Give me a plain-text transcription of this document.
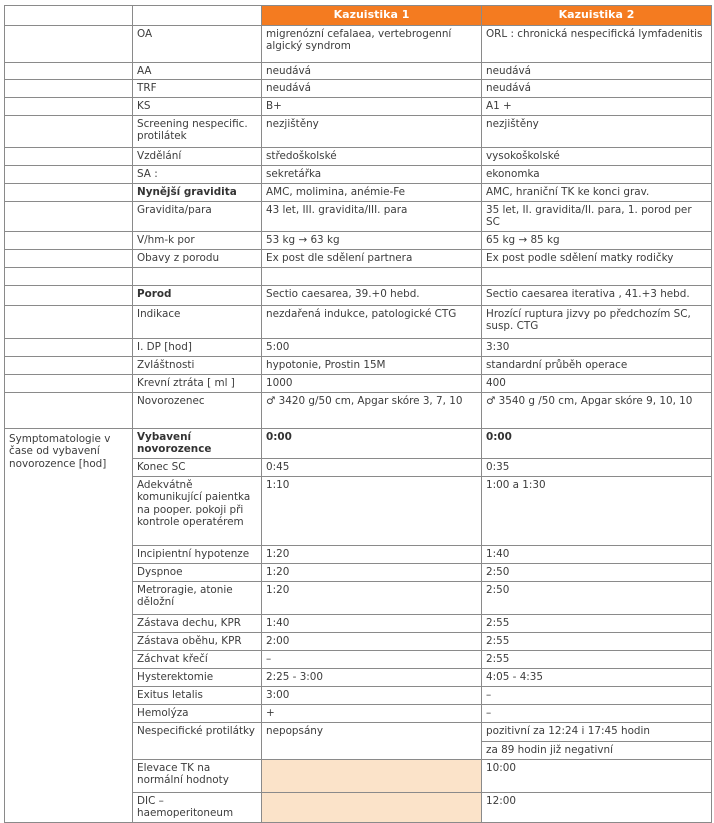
		Kazuistika 1	Kazuistika 2
	OA	migrenózní cefalaea, vertebrogenní algický syndrom	ORL : chronická nespecifická lymfadenitis
	AA	neudává	neudává
	TRF	neudává	neudává
	KS	B+	A1 +
	Screening nespecific. protilátek	nezjištěny	nezjištěny
	Vzdělání	středoškolské	vysokoškolské
	SA :	sekretářka	ekonomka
	Nynější gravidita	AMC, molimina, anémie-Fe	AMC, hraniční TK ke konci grav.
	Gravidita/para	43 let, III. gravidita/III. para	35 let, II. gravidita/II. para, 1. porod per SC
	V/hm-k por	53 kg → 63 kg	65 kg → 85 kg
	Obavy z porodu	Ex post dle sdělení partnera	Ex post podle sdělení matky rodičky

	Porod	Sectio caesarea, 39.+0 hebd.	Sectio caesarea iterativa , 41.+3 hebd.
	Indikace	nezdařená indukce, patologické CTG	Hrozící ruptura jizvy po předchozím SC, susp. CTG
	I. DP [hod]	5:00	3:30
	Zvláštnosti	hypotonie, Prostin 15M	standardní průběh operace
	Krevní ztráta [ ml ]	1000	400
	Novorozenec	♂ 3420 g/50 cm, Apgar skóre 3, 7, 10	♂ 3540 g /50 cm, Apgar skóre 9, 10, 10
Symptomatologie v čase od vybavení novorozence [hod]	Vybavení novorozence	0:00	0:00
	Konec SC	0:45	0:35
	Adekvátně komunikující paientka na pooper. pokoji při kontrole operatérem	1:10	1:00 a 1:30
	Incipientní hypotenze	1:20	1:40
	Dyspnoe	1:20	2:50
	Metroragie, atonie děložní	1:20	2:50
	Zástava dechu, KPR	1:40	2:55
	Zástava oběhu, KPR	2:00	2:55
	Záchvat křečí	–	2:55
	Hysterektomie	2:25 - 3:00	4:05 - 4:35
	Exitus letalis	3:00	–
	Hemolýza	+	–
	Nespecifické protilátky	nepopsány	pozitivní za 12:24 i 17:45 hodin
			za 89 hodin již negativní
	Elevace TK na normální hodnoty		10:00
	DIC – haemoperitoneum		12:00
